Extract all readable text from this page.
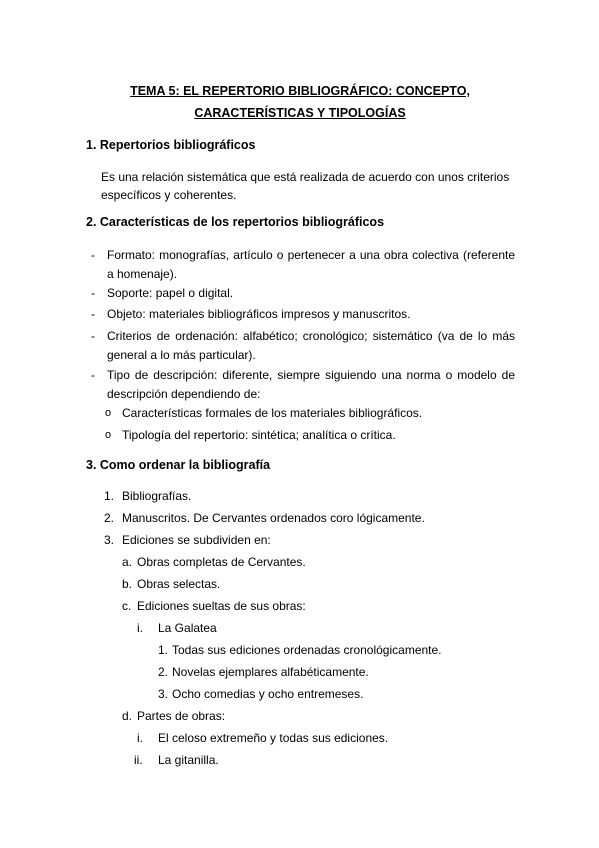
TEMA 5: EL REPERTORIO BIBLIOGRÁFICO: CONCEPTO,
CARACTERÍSTICAS Y TIPOLOGÍAS
1. Repertorios bibliográficos
Es una relación sistemática que está realizada de acuerdo con unos criterios específicos y coherentes.
2. Características de los repertorios bibliográficos
- Formato: monografías, artículo o pertenecer a una obra colectiva (referente a homenaje).
- Soporte: papel o digital.
- Objeto: materiales bibliográficos impresos y manuscritos.
- Criterios de ordenación: alfabético; cronológico; sistemático (va de lo más general a lo más particular).
- Tipo de descripción: diferente, siempre siguiendo una norma o modelo de descripción dependiendo de:
o Características formales de los materiales bibliográficos.
o Tipología del repertorio: sintética; analítica o crítica.
3. Como ordenar la bibliografía
1. Bibliografías.
2. Manuscritos. De Cervantes ordenados coro lógicamente.
3. Ediciones se subdividen en:
a. Obras completas de Cervantes.
b. Obras selectas.
c. Ediciones sueltas de sus obras:
i. La Galatea
1. Todas sus ediciones ordenadas cronológicamente.
2. Novelas ejemplares alfabéticamente.
3. Ocho comedias y ocho entremeses.
d. Partes de obras:
i. El celoso extremeño y todas sus ediciones.
ii. La gitanilla.
